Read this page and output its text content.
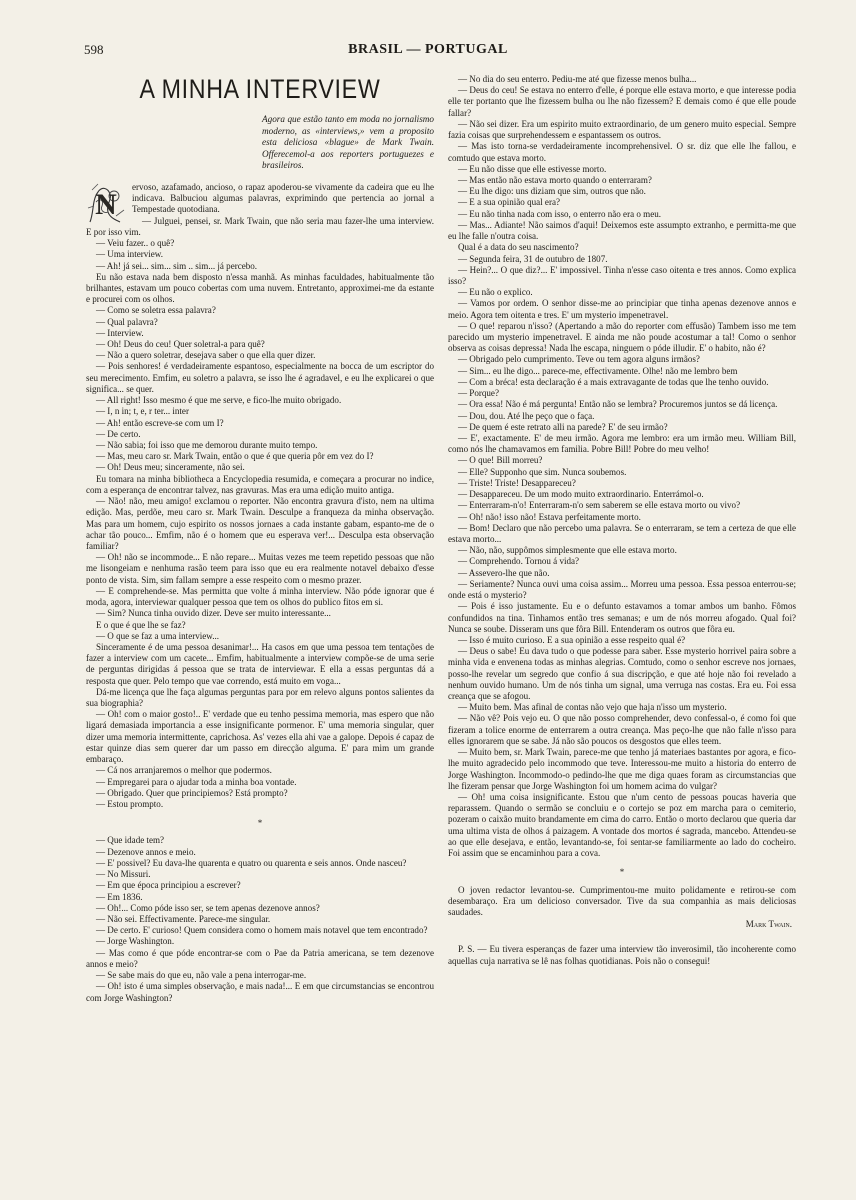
598	BRASIL — PORTUGAL
A MINHA INTERVIEW
Agora que estão tanto em moda no jornalismo moderno, as «interviews,» vem a proposito esta deliciosa «blague» de Mark Twain. Offerecemol-a aos reporters portuguezes e brasileiros.
N

ervoso, azafamado, ancioso, o rapaz apoderou-se vivamente da cadeira que eu lhe indicava. Balbuciou algumas palavras, exprimindo que pertencia ao jornal a Tempestade quotodiana.

— Julguei, pensei, sr. Mark Twain, que não seria mau fazer-lhe uma interview. E por isso vim.

— Veiu fazer.. o quê?

— Uma interview.

— Ah! já sei... sim... sim .. sim... já percebo.

Eu não estava nada bem disposto n'essa manhã. As minhas faculdades, habitualmente tão brilhantes, estavam um pouco cobertas com uma nuvem. Entretanto, approximei-me da estante e procurei com os olhos.

— Como se soletra essa palavra?

— Qual palavra?

— Interview.

— Oh! Deus do ceu! Quer soletral-a para quê?

— Não a quero soletrar, desejava saber o que ella quer dizer.

— Pois senhores! é verdadeiramente espantoso, especialmente na bocca de um escriptor do seu merecimento. Emfim, eu soletro a palavra, se isso lhe é agradavel, e eu lhe explicarei o que significa... se quer.

— All right! Isso mesmo é que me serve, e fico-lhe muito obrigado.

— I, n in; t, e, r ter... inter

— Ah! então escreve-se com um I?

— De certo.

— Não sabia; foi isso que me demorou durante muito tempo.

— Mas, meu caro sr. Mark Twain, então o que é que queria pôr em vez do I?

— Oh! Deus meu; sinceramente, não sei.

Eu tomara na minha bibliotheca a Encyclopedia resumida, e começara a procurar no indice, com a esperança de encontrar talvez, nas gravuras. Mas era uma edição muito antiga.

— Não! não, meu amigo! exclamou o reporter. Não encontra gravura d'isto, nem na ultima edição. Mas, perdõe, meu caro sr. Mark Twain. Desculpe a franqueza da minha observação. Mas para um homem, cujo espirito os nossos jornaes a cada instante gabam, espanto-me de o achar tão pouco... Emfim, não é o homem que eu esperava ver!... Desculpa esta observação familiar?

— Oh! não se incommode... E não repare... Muitas vezes me teem repetido pessoas que não me lisongeiam e nenhuma rasão teem para isso que eu era realmente notavel debaixo d'esse ponto de vista. Sim, sim fallam sempre a esse respeito com o mesmo prazer.

— E comprehende-se. Mas permitta que volte á minha interview. Não póde ignorar que é moda, agora, interviewar qualquer pessoa que tem os olhos do publico fitos em si.

— Sim? Nunca tinha ouvido dizer. Deve ser muito interessante...

E o que é que lhe se faz?

— O que se faz a uma interview...

Sinceramente é de uma pessoa desanimar!... Ha casos em que uma pessoa tem tentações de fazer a interview com um cacete... Emfim, habitualmente a interview compõe-se de uma serie de perguntas dirigidas á pessoa que se trata de interviewar. E ella a essas perguntas dá a resposta que quer. Pelo tempo que vae correndo, está muito em voga...

Dá-me licença que lhe faça algumas perguntas para por em relevo alguns pontos salientes da sua biographia?

— Oh! com o maior gosto!.. E' verdade que eu tenho pessima memoria, mas espero que não ligará demasiada importancia a esse insignificante pormenor. E' uma memoria singular, quer dizer uma memoria intermittente, caprichosa. As' vezes ella ahi vae a galope. Depois é capaz de estar quinze dias sem querer dar um passo em direcção alguma. E' para mim um grande embaraço.

— Cá nos arranjaremos o melhor que podermos.

— Empregarei para o ajudar toda a minha boa vontade.

— Obrigado. Quer que principiemos? Está prompto?

— Estou prompto.

*

— Que idade tem?

— Dezenove annos e meio.

— E' possivel? Eu dava-lhe quarenta e quatro ou quarenta e seis annos. Onde nasceu?

— No Missuri.

— Em que época principiou a escrever?

— Em 1836.

— Oh!... Como póde isso ser, se tem apenas dezenove annos?

— Não sei. Effectivamente. Parece-me singular.

— De certo. E' curioso! Quem considera como o homem mais notavel que tem encontrado?

— Jorge Washington.

— Mas como é que póde encontrar-se com o Pae da Patria americana, se tem dezenove annos e meio?

— Se sabe mais do que eu, não vale a pena interrogar-me.

— Oh! isto é uma simples observação, e mais nada!... E em que circumstancias se encontrou com Jorge Washington?

— No dia do seu enterro. Pediu-me até que fizesse menos bulha...

— Deus do ceu! Se estava no enterro d'elle, é porque elle estava morto, e que interesse podia elle ter portanto que lhe fizessem bulha ou lhe não fizessem? E demais como é que elle poude fallar?

— Não sei dizer. Era um espirito muito extraordinario, de um genero muito especial. Sempre fazia coisas que surprehendessem e espantassem os outros.

— Mas isto torna-se verdadeiramente incomprehensivel. O sr. diz que elle lhe fallou, e comtudo que estava morto.

— Eu não disse que elle estivesse morto.

— Mas então não estava morto quando o enterraram?

— Eu lhe digo: uns diziam que sim, outros que não.

— E a sua opinião qual era?

— Eu não tinha nada com isso, o enterro não era o meu.

— Mas... Adiante! Não saimos d'aqui! Deixemos este assumpto extranho, e permitta-me que eu lhe falle n'outra coisa.

Qual é a data do seu nascimento?

— Segunda feira, 31 de outubro de 1807.

— Hein?... O que diz?... E' impossivel. Tinha n'esse caso oitenta e tres annos. Como explica isso?

— Eu não o explico.

— Vamos por ordem. O senhor disse-me ao principiar que tinha apenas dezenove annos e meio. Agora tem oitenta e tres. E' um mysterio impenetravel.

— O que! reparou n'isso? (Apertando a mão do reporter com effusão) Tambem isso me tem parecido um mysterio impenetravel. E ainda me não poude acostumar a tal! Como o senhor observa as coisas depressa! Nada lhe escapa, ninguem o póde illudir. E' o habito, não é?

— Obrigado pelo cumprimento. Teve ou tem agora alguns irmãos?

— Sim... eu lhe digo... parece-me, effectivamente. Olhe! não me lembro bem

— Com a bréca! esta declaração é a mais extravagante de todas que lhe tenho ouvido.

— Porque?

— Ora essa! Não é má pergunta! Então não se lembra? Procuremos juntos se dá licença.

— Dou, dou. Até lhe peço que o faça.

— De quem é este retrato alli na parede? E' de seu irmão?

— E', exactamente. E' de meu irmão. Agora me lembro: era um irmão meu. William Bill, como nós lhe chamavamos em familia. Pobre Bill! Pobre do meu velho!

— O que! Bill morreu?

— Elle? Supponho que sim. Nunca soubemos.

— Triste! Triste! Desappareceu?

— Desappareceu. De um modo muito extraordinario. Enterrámol-o.

— Enterraram-n'o! Enterraram-n'o sem saberem se elle estava morto ou vivo?

— Oh! não! isso não! Estava perfeitamente morto.

— Bom! Declaro que não percebo uma palavra. Se o enterraram, se tem a certeza de que elle estava morto...

— Não, não, suppômos simplesmente que elle estava morto.

— Comprehendo. Tornou á vida?

— Assevero-lhe que não.

— Seriamente? Nunca ouvi uma coisa assim... Morreu uma pessoa. Essa pessoa enterrou-se; onde está o mysterio?

— Pois é isso justamente. Eu e o defunto estavamos a tomar ambos um banho. Fômos confundidos na tina. Tinhamos então tres semanas; e um de nós morreu afogado. Qual foi? Nunca se soube. Disseram uns que fôra Bill. Entenderam os outros que fôra eu.

— Isso é muito curioso. E a sua opinião a esse respeito qual é?

— Deus o sabe! Eu dava tudo o que podesse para saber. Esse mysterio horrivel paira sobre a minha vida e envenena todas as minhas alegrias. Comtudo, como o senhor escreve nos jornaes, posso-lhe revelar um segredo que confio á sua discripção, e que até hoje não foi revelado a nenhum ouvido humano. Um de nós tinha um signal, uma verruga nas costas. Era eu. Foi essa creança que se afogou.

— Muito bem. Mas afinal de contas não vejo que haja n'isso um mysterio.

— Não vê? Pois vejo eu. O que não posso comprehender, devo confessal-o, é como foi que fizeram a tolice enorme de enterrarem a outra creança. Mas peço-lhe que não falle n'isso para elles ignorarem que se sabe. Já não são poucos os desgostos que elles teem.

— Muito bem, sr. Mark Twain, parece-me que tenho já materiaes bastantes por agora, e fico-lhe muito agradecido pelo incommodo que teve. Interessou-me muito a historia do enterro de Jorge Washington. Incommodo-o pedindo-lhe que me diga quaes foram as circumstancias que lhe fizeram pensar que Jorge Washington foi um homem acima do vulgar?

— Oh! uma coisa insignificante. Estou que n'um cento de pessoas poucas haveria que reparassem. Quando o sermão se concluiu e o cortejo se poz em marcha para o cemiterio, pozeram o caixão muito brandamente em cima do carro. Então o morto declarou que queria dar uma ultima vista de olhos á paizagem. A vontade dos mortos é sagrada, mancebo. Attendeu-se ao que elle desejava, e então, levantando-se, foi sentar-se familiarmente ao lado do cocheiro. Foi assim que se encaminhou para a cova.

*

O joven redactor levantou-se. Cumprimentou-me muito polidamente e retirou-se com desembaraço. Era um delicioso conversador. Tive da sua companhia as mais deliciosas saudades.

Mark Twain.

P. S. — Eu tivera esperanças de fazer uma interview tão inverosimil, tão incoherente como aquellas cuja narrativa se lê nas folhas quotidianas. Pois não o consegui!
